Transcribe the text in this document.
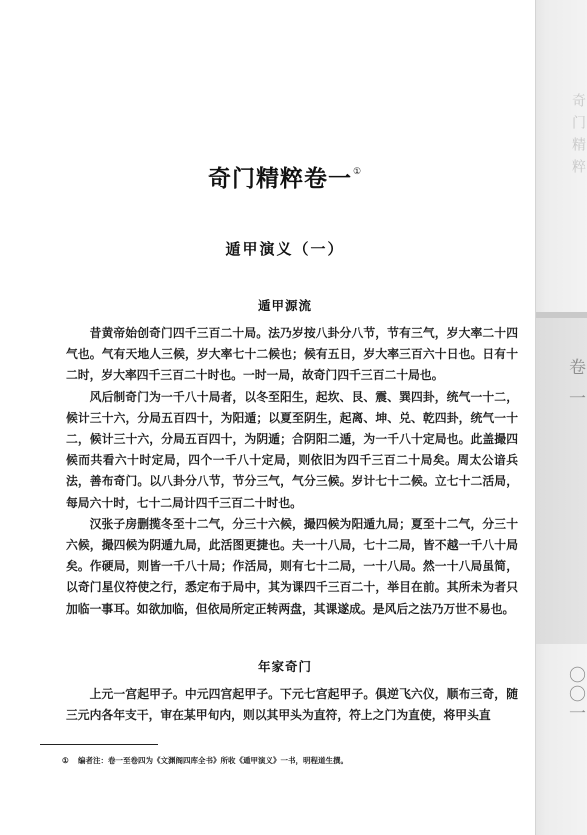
奇门精粹卷一①
遁甲演义（一）
遁甲源流

昔黄帝始创奇门四千三百二十局。法乃岁按八卦分八节，节有三气，岁大率二十四气也。气有天地人三候，岁大率七十二候也；候有五日，岁大率三百六十日也。日有十二时，岁大率四千三百二十时也。一时一局，故奇门四千三百二十局也。

风后制奇门为一千八十局者，以冬至阳生，起坎、艮、震、巽四卦，统气一十二，候计三十六，分局五百四十，为阳遁；以夏至阴生，起离、坤、兑、乾四卦，统气一十二，候计三十六，分局五百四十，为阴遁；合阴阳二遁，为一千八十定局也。此盖撮四候而共看六十时定局，四个一千八十定局，则依旧为四千三百二十局矣。周太公谙兵法，善布奇门。以八卦分八节，节分三气，气分三候。岁计七十二候。立七十二活局，每局六十时，七十二局计四千三百二十时也。

汉张子房删揽冬至十二气，分三十六候，撮四候为阳遁九局；夏至十二气，分三十六候，撮四候为阴遁九局，此活图更捷也。夫一十八局，七十二局，皆不越一千八十局矣。作硬局，则皆一千八十局；作活局，则有七十二局，一十八局。然一十八局虽简，以奇门星仪符使之行，悉定布于局中，其为课四千三百二十，举目在前。其所未为者只加临一事耳。如欲加临，但依局所定正转两盘，其课遂成。是风后之法乃万世不易也。

年家奇门

上元一宫起甲子。中元四宫起甲子。下元七宫起甲子。俱逆飞六仪，顺布三奇，随三元内各年支干，审在某甲旬内，则以其甲头为直符，符上之门为直使，将甲头直

① 编者注：卷一至卷四为《文渊阁四库全书》所收《遁甲演义》一书，明程道生撰。
奇门精粹
卷一
〇〇一
